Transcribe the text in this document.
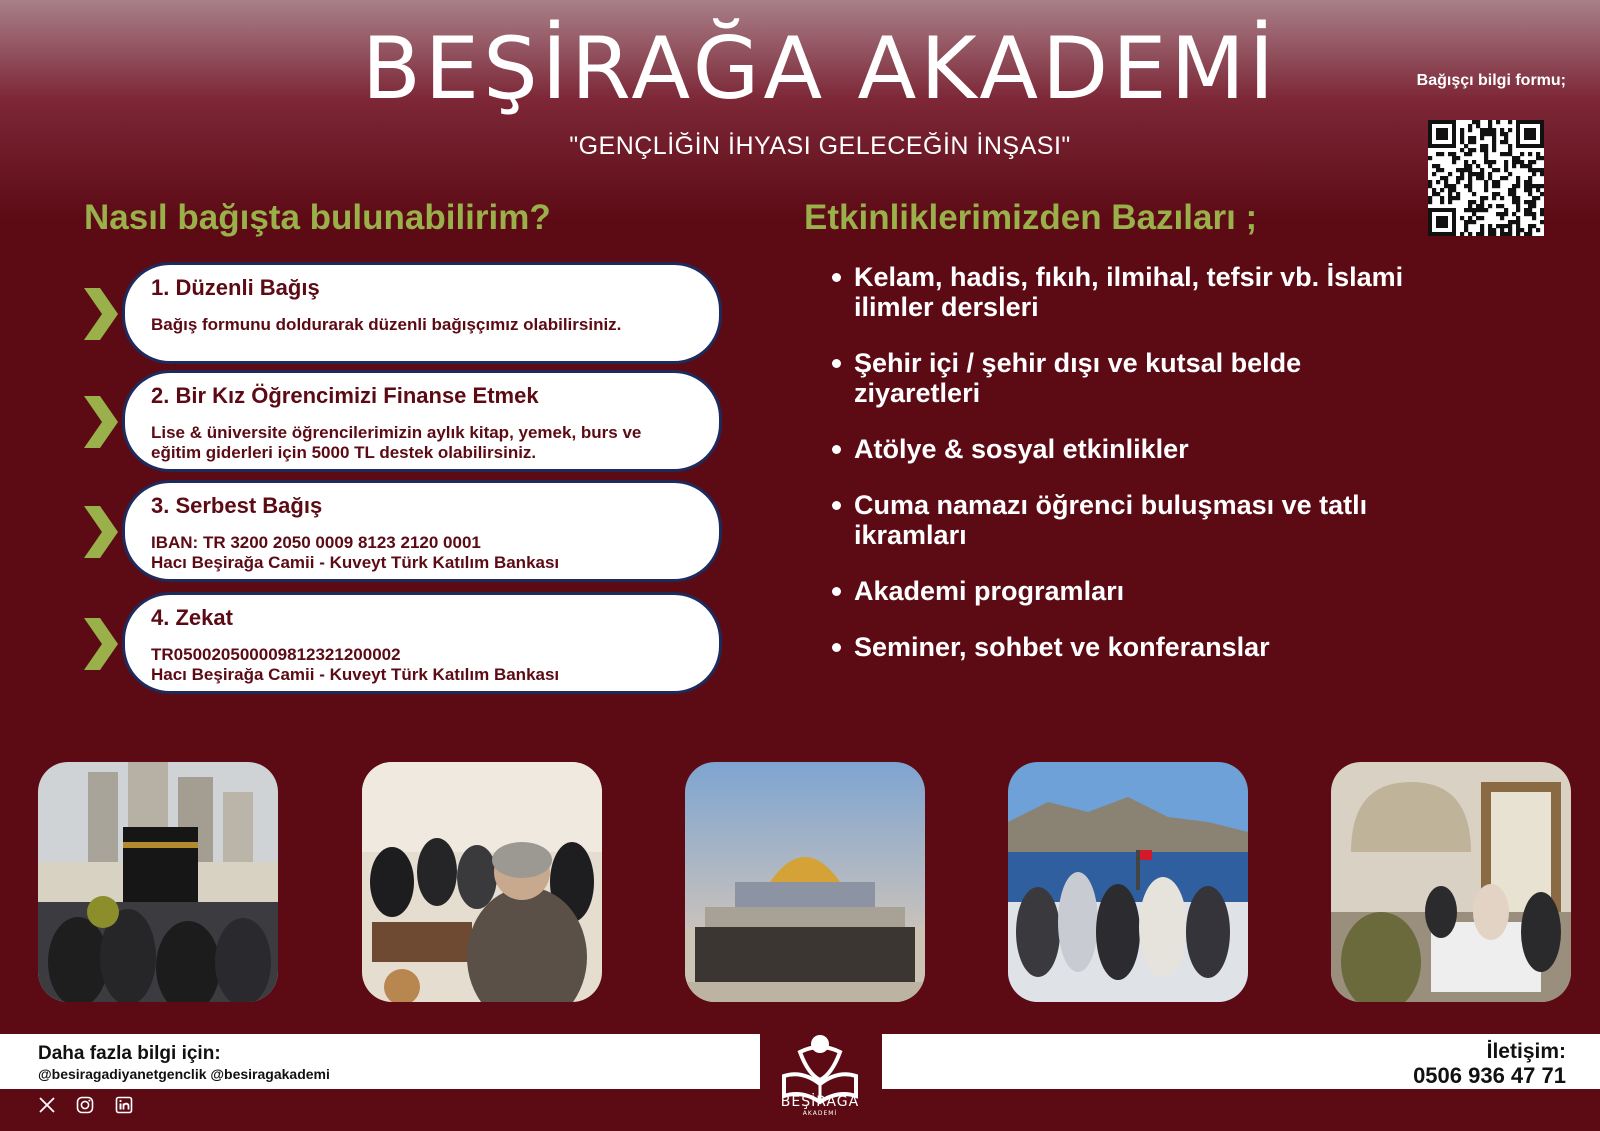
BEŞİRAĞA AKADEMİ
"GENÇLİĞİN İHYASI GELECEĞİN İNŞASI"
Bağışçı bilgi formu;
Nasıl bağışta bulunabilirim?	Etkinliklerimizden Bazıları ;
1. Düzenli Bağış
Bağış formunu doldurarak düzenli bağışçımız olabilirsiniz.
2. Bir Kız Öğrencimizi Finanse Etmek
Lise & üniversite öğrencilerimizin aylık kitap, yemek, burs ve eğitim giderleri için 5000 TL destek olabilirsiniz.
3. Serbest Bağış
IBAN: TR 3200 2050 0009 8123 2120 0001
Hacı Beşirağa Camii - Kuveyt Türk Katılım Bankası
4. Zekat
TR050020500009812321200002
Hacı Beşirağa Camii - Kuveyt Türk Katılım Bankası
Kelam, hadis, fıkıh, ilmihal, tefsir vb. İslami ilimler dersleri
Şehir içi / şehir dışı ve kutsal belde ziyaretleri
Atölye & sosyal etkinlikler
Cuma namazı öğrenci buluşması ve tatlı ikramları
Akademi programları
Seminer, sohbet ve konferanslar
Daha fazla bilgi için:
@besiragadiyanetgenclik @besiragakademi

İletişim:
0506 936 47 71
BEŞİRAĞA
AKADEMİ
